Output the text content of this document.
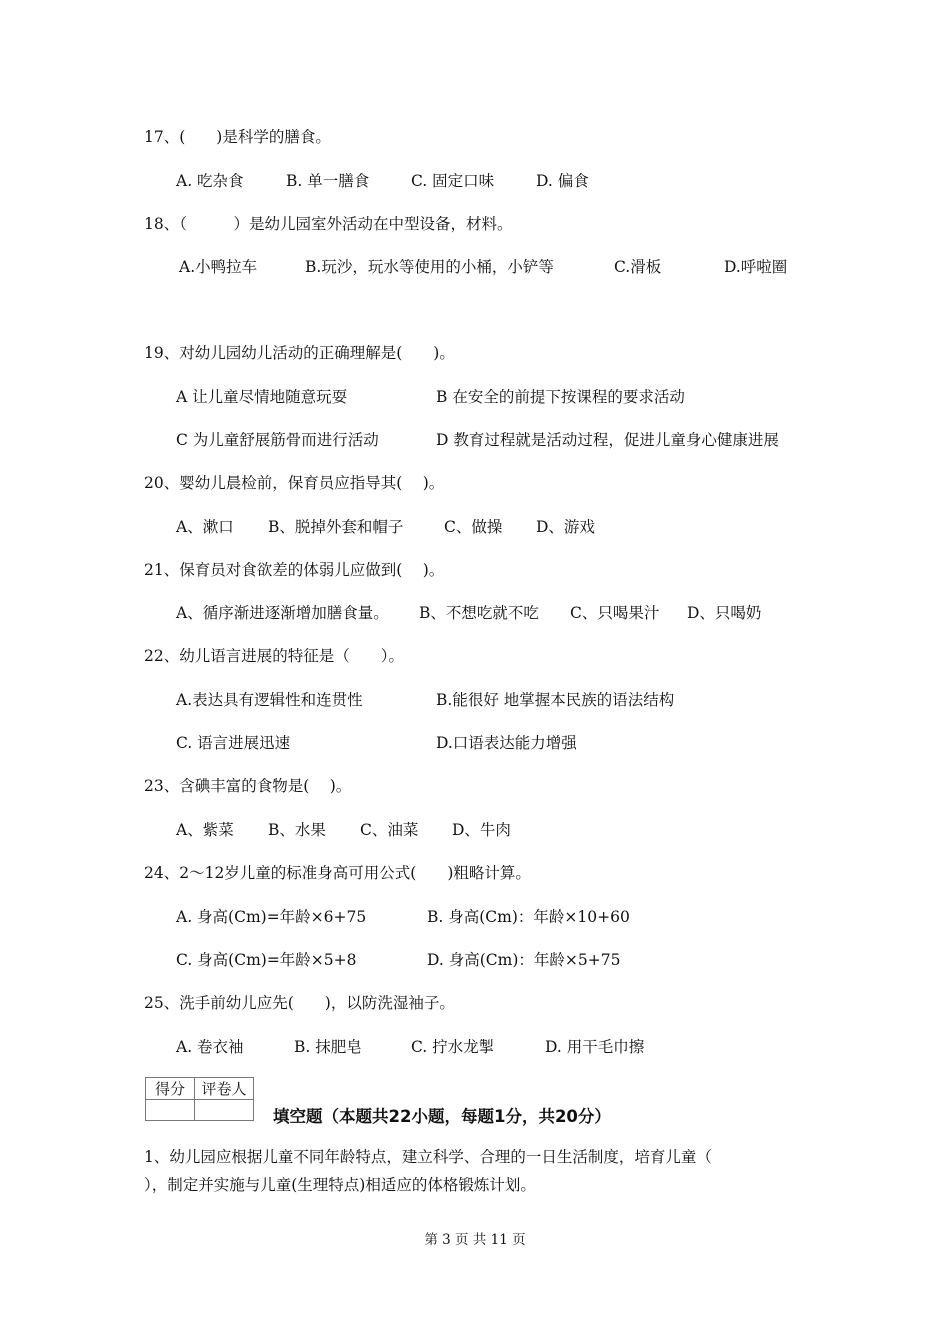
17、(　　)是科学的膳食。
A. 吃杂食	B. 单一膳食	C. 固定口味	D. 偏食
18、（　　　）是幼儿园室外活动在中型设备，材料。
A.小鸭拉车	B.玩沙，玩水等使用的小桶，小铲等	C.滑板	D.呼啦圈
19、对幼儿园幼儿活动的正确理解是(　　)。
A 让儿童尽情地随意玩耍	B 在安全的前提下按课程的要求活动
C 为儿童舒展筋骨而进行活动	D 教育过程就是活动过程，促进儿童身心健康进展
20、婴幼儿晨检前，保育员应指导其(　 )。
A、漱口 B、脱掉外套和帽子	C、做操 D、游戏
21、保育员对食欲差的体弱儿应做到(　 )。
A、循序渐进逐渐增加膳食量。 B、不想吃就不吃 C、只喝果汁 D、只喝奶
22、幼儿语言进展的特征是（　　）。
A.表达具有逻辑性和连贯性	B.能很好 地掌握本民族的语法结构
C. 语言进展迅速	D.口语表达能力增强
23、含碘丰富的食物是(　 )。
A、紫菜 B、水果 C、油菜 D、牛肉
24、2～12岁儿童的标准身高可用公式(　　)粗略计算。
A. 身高(Cm)=年龄×6+75	B. 身高(Cm)：年龄×10+60
C. 身高(Cm)=年龄×5+8	D. 身高(Cm)：年龄×5+75
25、洗手前幼儿应先(　　)，以防洗湿袖子。
A. 卷衣袖	B. 抹肥皂	C. 拧水龙掣	D. 用干毛巾擦
得分	评卷人

填空题（本题共22小题，每题1分，共20分）
1、幼儿园应根据儿童不同年龄特点，建立科学、合理的一日生活制度，培育儿童（
），制定并实施与儿童(生理特点)相适应的体格锻炼计划。
第 3 页 共 11 页
